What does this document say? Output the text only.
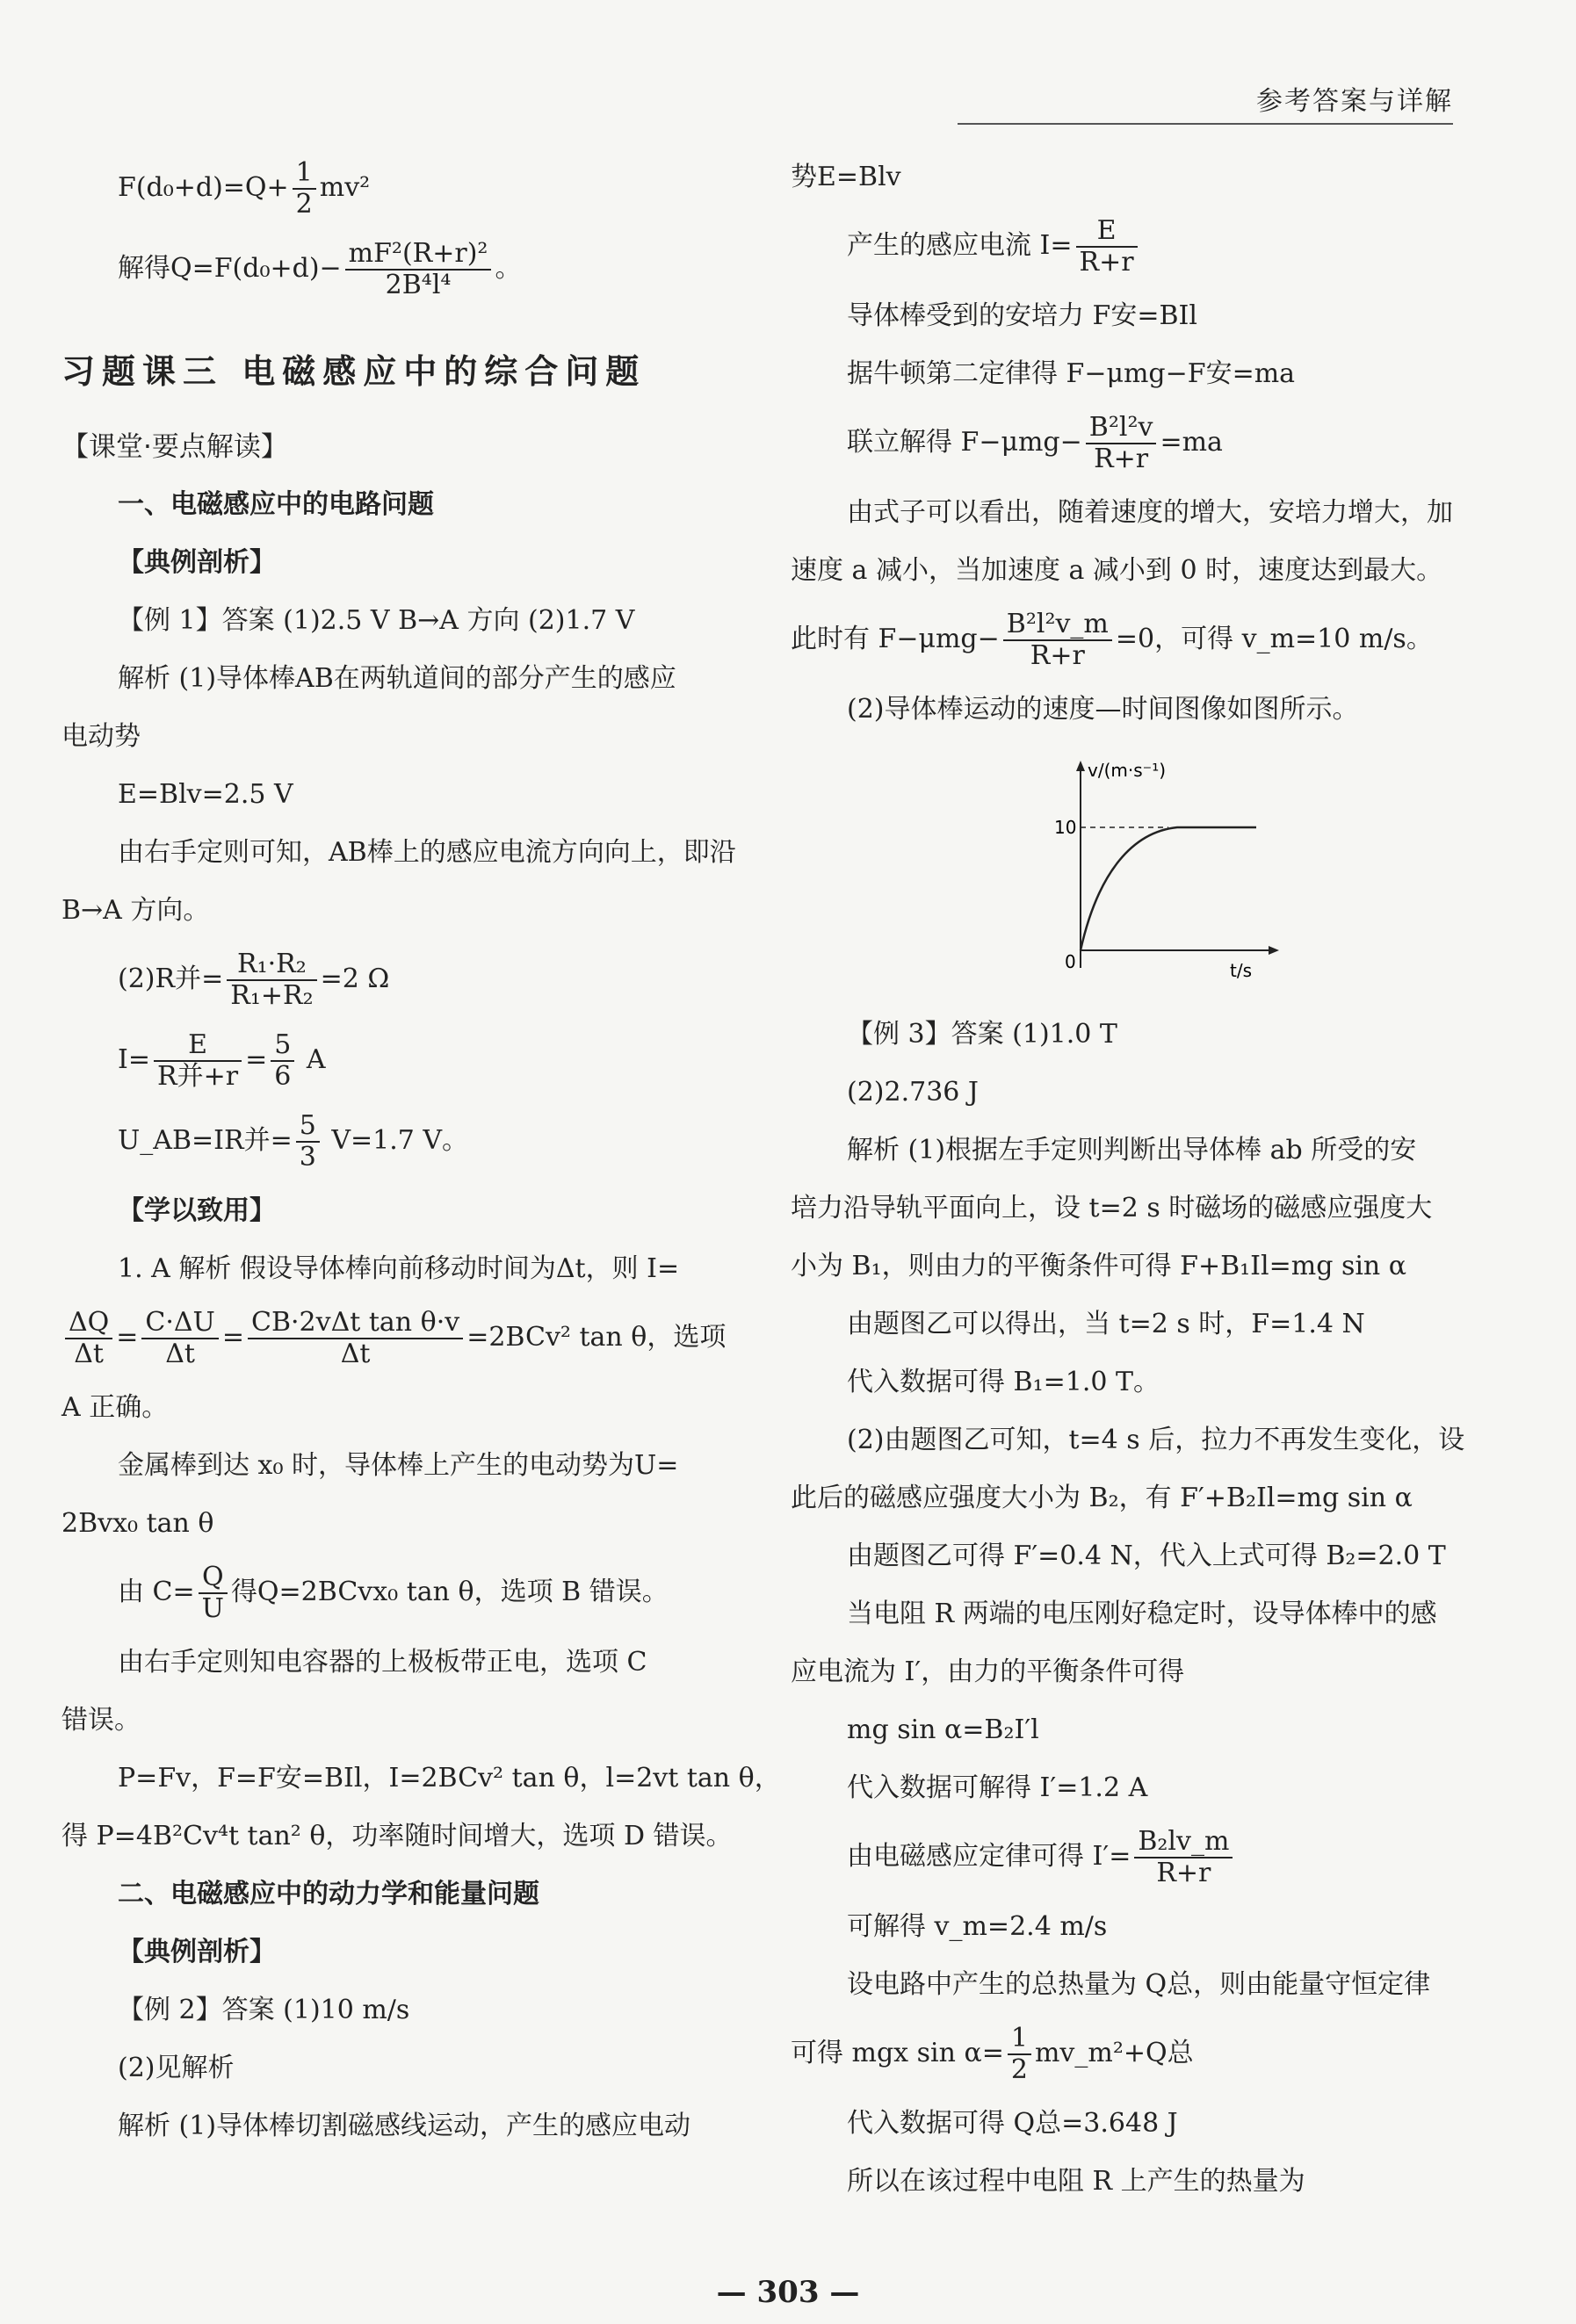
参考答案与详解
$F(d_0+d)=Q+ \frac{1}{2} mv^2$
解得$Q=F(d_0+d)- \frac{\text{mF²(R+r)²}}{\text{2B⁴l⁴}}$ 。
习题课三 电磁感应中的综合问题
【课堂·要点解读】
一、电磁感应中的电路问题
【典例剖析】
【例 1】答案 (1)2.5 V B→A 方向 (2)1.7 V
解析 (1)导体棒AB在两轨道间的部分产生的感应
电动势
E=Blv=2.5 V
由右手定则可知，AB棒上的感应电流方向向上，即沿
B→A 方向。
(2)R并= $\frac{\text{R₁·R₂}}{\text{R₁+R₂}} =2$ Ω
$I= \frac{E}{\text{R并+r}} = \frac{5}{6}$ A
U_AB=IR并= $\frac{5}{3} V=1.7$ V。
【学以致用】
1. A 解析 假设导体棒向前移动时间为Δt，则 I=
$\frac{\Delta Q}{\Delta t} = \frac{C\cdot\Delta U}{\Delta t} = \frac{\text{CB·2vΔt tan θ·v}}{\Delta t} =2BCv^2$ tan θ，选项
A 正确。
金属棒到达 x₀ 时，导体棒上产生的电动势为U=
2Bvx₀ tan θ
由 $C= \frac{Q}{U}$ 得Q=2BCvx₀ tan θ，选项 B 错误。
由右手定则知电容器的上极板带正电，选项 C
错误。
P=Fv，F=F安=BIl，I=2BCv² tan θ，l=2vt tan θ，
得 P=4B²Cv⁴t tan² θ，功率随时间增大，选项 D 错误。
二、电磁感应中的动力学和能量问题
【典例剖析】
【例 2】答案 (1)10 m/s
(2)见解析
解析 (1)导体棒切割磁感线运动，产生的感应电动
势E=Blv
产生的感应电流 $I= \frac{E}{R+r}$
导体棒受到的安培力 F安=BIl
据牛顿第二定律得 F−μmg−F安=ma
联立解得 $F-\mu mg- \frac{\text{B²l²v}}{R+r} =ma$
由式子可以看出，随着速度的增大，安培力增大，加
速度 a 减小，当加速度 a 减小到 0 时，速度达到最大。
此时有 $F-\mu mg- \frac{\text{B²l²v\_m}}{R+r} =0$，可得 v_m=10 m/s。
(2)导体棒运动的速度—时间图像如图所示。
v/(m·s⁻¹)
10
0	t/s
【例 3】答案 (1)1.0 T
(2)2.736 J
解析 (1)根据左手定则判断出导体棒 ab 所受的安
培力沿导轨平面向上，设 t=2 s 时磁场的磁感应强度大
小为 B₁，则由力的平衡条件可得 F+B₁Il=mg sin α
由题图乙可以得出，当 t=2 s 时，F=1.4 N
代入数据可得 B₁=1.0 T。
(2)由题图乙可知，t=4 s 后，拉力不再发生变化，设
此后的磁感应强度大小为 B₂，有 F′+B₂Il=mg sin α
由题图乙可得 F′=0.4 N，代入上式可得 B₂=2.0 T
当电阻 R 两端的电压刚好稳定时，设导体棒中的感
应电流为 I′，由力的平衡条件可得
mg sin α=B₂I′l
代入数据可解得 I′=1.2 A
由电磁感应定律可得 $I'= \frac{\text{B₂lv\_m}}{R+r}$
可解得 v_m=2.4 m/s
设电路中产生的总热量为 Q总，则由能量守恒定律
可得 mgx $\sin \alpha= \frac{1}{2}$ mv_m²+Q总
代入数据可得 Q总=3.648 J
所以在该过程中电阻 R 上产生的热量为
— 303 —
